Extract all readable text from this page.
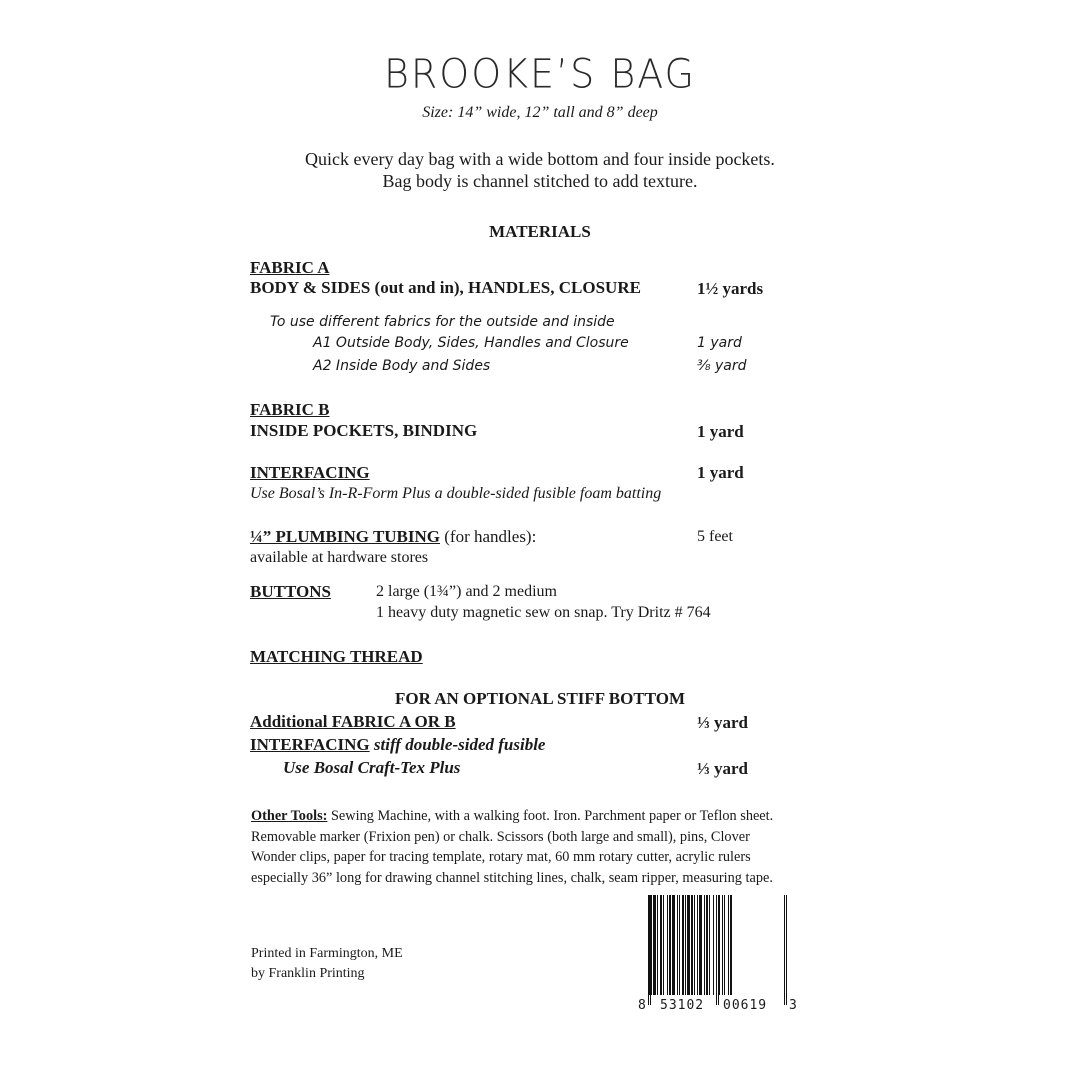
BROOKE’S BAG
Size: 14” wide, 12” tall and 8” deep
Quick every day bag with a wide bottom and four inside pockets.
Bag body is channel stitched to add texture.
MATERIALS
FABRIC A
BODY & SIDES (out and in), HANDLES, CLOSURE	1½ yards
To use different fabrics for the outside and inside
A1 Outside Body, Sides, Handles and Closure	1 yard
A2 Inside Body and Sides	⅜ yard
FABRIC B
INSIDE POCKETS, BINDING	1 yard
INTERFACING	1 yard
Use Bosal’s In-R-Form Plus a double-sided fusible foam batting
¼” PLUMBING TUBING (for handles):	5 feet
available at hardware stores
BUTTONS	2 large (1¾”) and 2 medium
1 heavy duty magnetic sew on snap. Try Dritz # 764
MATCHING THREAD
FOR AN OPTIONAL STIFF BOTTOM
Additional FABRIC A OR B	⅓ yard
INTERFACING stiff double-sided fusible
Use Bosal Craft-Tex Plus	⅓ yard
Other Tools: Sewing Machine, with a walking foot. Iron. Parchment paper or Teflon sheet. Removable marker (Frixion pen) or chalk. Scissors (both large and small), pins, Clover Wonder clips, paper for tracing template, rotary mat, 60 mm rotary cutter, acrylic rulers especially 36” long for drawing channel stitching lines, chalk, seam ripper, measuring tape.
Printed in Farmington, ME
by Franklin Printing
8 53102 00619 3
